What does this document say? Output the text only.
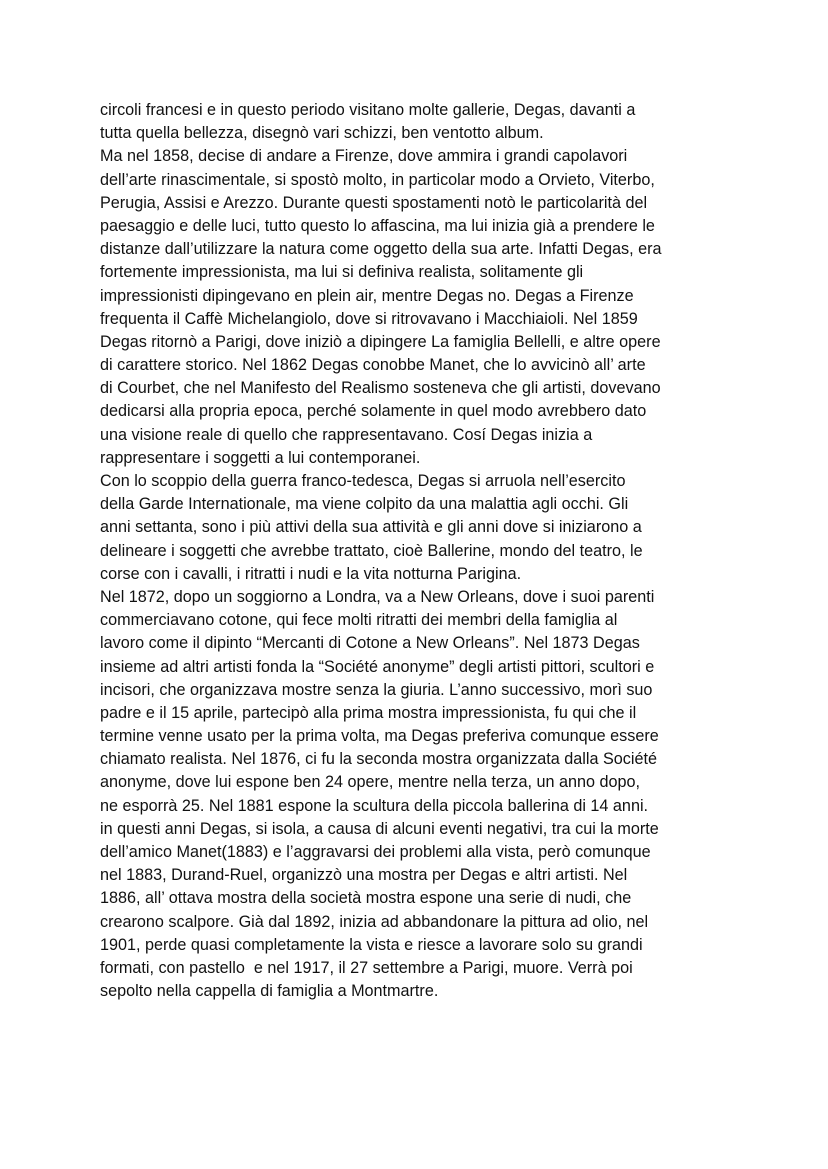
circoli francesi e in questo periodo visitano molte gallerie, Degas, davanti a
tutta quella bellezza, disegnò vari schizzi, ben ventotto album.
Ma nel 1858, decise di andare a Firenze, dove ammira i grandi capolavori
dell’arte rinascimentale, si spostò molto, in particolar modo a Orvieto, Viterbo,
Perugia, Assisi e Arezzo. Durante questi spostamenti notò le particolarità del
paesaggio e delle luci, tutto questo lo affascina, ma lui inizia già a prendere le
distanze dall’utilizzare la natura come oggetto della sua arte. Infatti Degas, era
fortemente impressionista, ma lui si definiva realista, solitamente gli
impressionisti dipingevano en plein air, mentre Degas no. Degas a Firenze
frequenta il Caffè Michelangiolo, dove si ritrovavano i Macchiaioli. Nel 1859
Degas ritornò a Parigi, dove iniziò a dipingere La famiglia Bellelli, e altre opere
di carattere storico. Nel 1862 Degas conobbe Manet, che lo avvicinò all’ arte
di Courbet, che nel Manifesto del Realismo sosteneva che gli artisti, dovevano
dedicarsi alla propria epoca, perché solamente in quel modo avrebbero dato
una visione reale di quello che rappresentavano. Cosí Degas inizia a
rappresentare i soggetti a lui contemporanei.
Con lo scoppio della guerra franco-tedesca, Degas si arruola nell’esercito
della Garde Internationale, ma viene colpito da una malattia agli occhi. Gli
anni settanta, sono i più attivi della sua attività e gli anni dove si iniziarono a
delineare i soggetti che avrebbe trattato, cioè Ballerine, mondo del teatro, le
corse con i cavalli, i ritratti i nudi e la vita notturna Parigina.
Nel 1872, dopo un soggiorno a Londra, va a New Orleans, dove i suoi parenti
commerciavano cotone, qui fece molti ritratti dei membri della famiglia al
lavoro come il dipinto “Mercanti di Cotone a New Orleans”. Nel 1873 Degas
insieme ad altri artisti fonda la “Société anonyme” degli artisti pittori, scultori e
incisori, che organizzava mostre senza la giuria. L’anno successivo, morì suo
padre e il 15 aprile, partecipò alla prima mostra impressionista, fu qui che il
termine venne usato per la prima volta, ma Degas preferiva comunque essere
chiamato realista. Nel 1876, ci fu la seconda mostra organizzata dalla Société
anonyme, dove lui espone ben 24 opere, mentre nella terza, un anno dopo,
ne esporrà 25. Nel 1881 espone la scultura della piccola ballerina di 14 anni.
in questi anni Degas, si isola, a causa di alcuni eventi negativi, tra cui la morte
dell’amico Manet(1883) e l’aggravarsi dei problemi alla vista, però comunque
nel 1883, Durand-Ruel, organizzò una mostra per Degas e altri artisti. Nel
1886, all’ ottava mostra della società mostra espone una serie di nudi, che
crearono scalpore. Già dal 1892, inizia ad abbandonare la pittura ad olio, nel
1901, perde quasi completamente la vista e riesce a lavorare solo su grandi
formati, con pastello  e nel 1917, il 27 settembre a Parigi, muore. Verrà poi
sepolto nella cappella di famiglia a Montmartre.
